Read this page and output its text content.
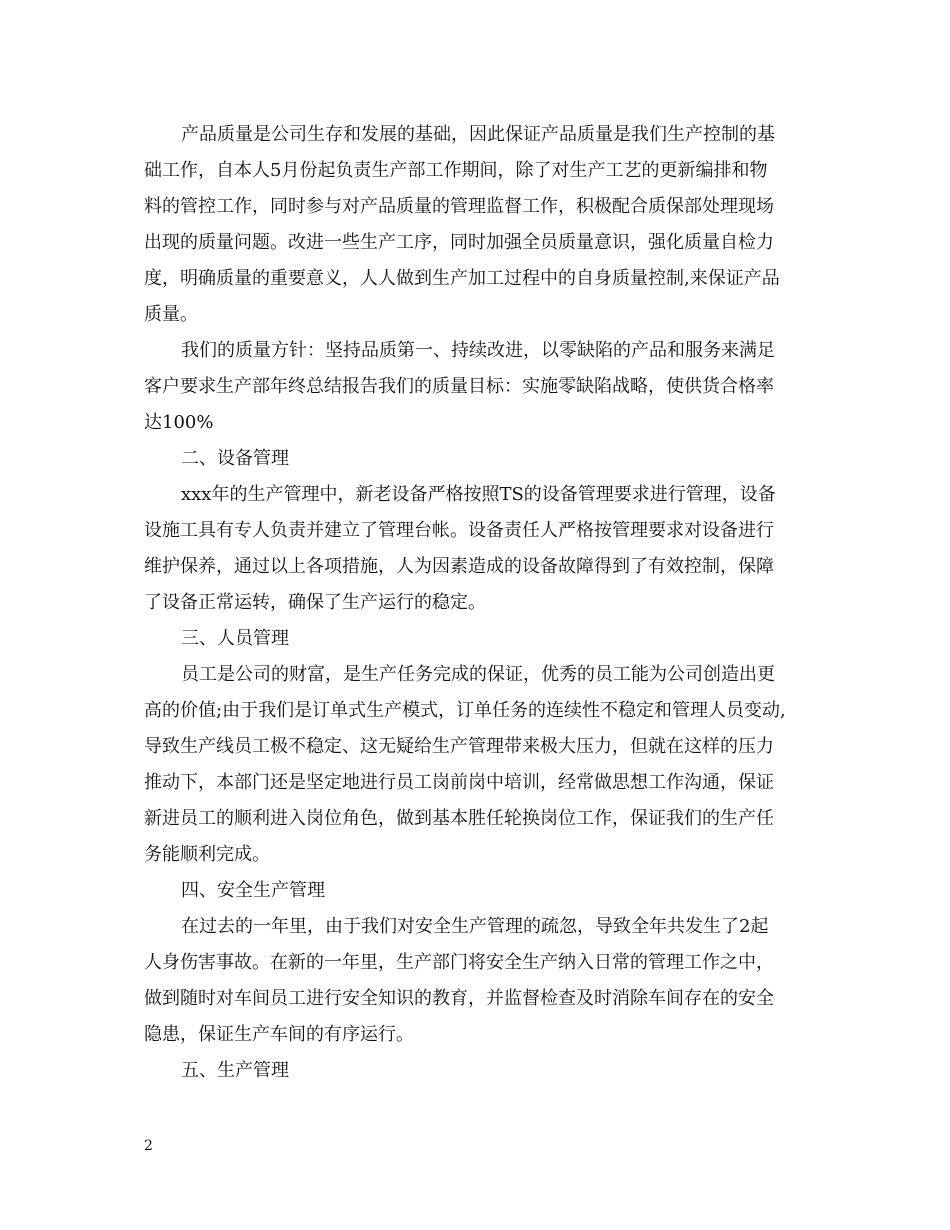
产品质量是公司生存和发展的基础，因此保证产品质量是我们生产控制的基
础工作，自本人5月份起负责生产部工作期间，除了对生产工艺的更新编排和物
料的管控工作，同时参与对产品质量的管理监督工作，积极配合质保部处理现场
出现的质量问题。改进一些生产工序，同时加强全员质量意识，强化质量自检力
度，明确质量的重要意义，人人做到生产加工过程中的自身质量控制,来保证产品
质量。
我们的质量方针：坚持品质第一、持续改进，以零缺陷的产品和服务来满足
客户要求生产部年终总结报告我们的质量目标：实施零缺陷战略，使供货合格率
达100%
二、设备管理
xxx年的生产管理中，新老设备严格按照TS的设备管理要求进行管理，设备
设施工具有专人负责并建立了管理台帐。设备责任人严格按管理要求对设备进行
维护保养，通过以上各项措施，人为因素造成的设备故障得到了有效控制，保障
了设备正常运转，确保了生产运行的稳定。
三、人员管理
员工是公司的财富，是生产任务完成的保证，优秀的员工能为公司创造出更
高的价值;由于我们是订单式生产模式，订单任务的连续性不稳定和管理人员变动,
导致生产线员工极不稳定、这无疑给生产管理带来极大压力，但就在这样的压力
推动下，本部门还是坚定地进行员工岗前岗中培训，经常做思想工作沟通，保证
新进员工的顺利进入岗位角色，做到基本胜任轮换岗位工作，保证我们的生产任
务能顺利完成。
四、安全生产管理
在过去的一年里，由于我们对安全生产管理的疏忽，导致全年共发生了2起
人身伤害事故。在新的一年里，生产部门将安全生产纳入日常的管理工作之中，
做到随时对车间员工进行安全知识的教育，并监督检查及时消除车间存在的安全
隐患，保证生产车间的有序运行。
五、生产管理
2
